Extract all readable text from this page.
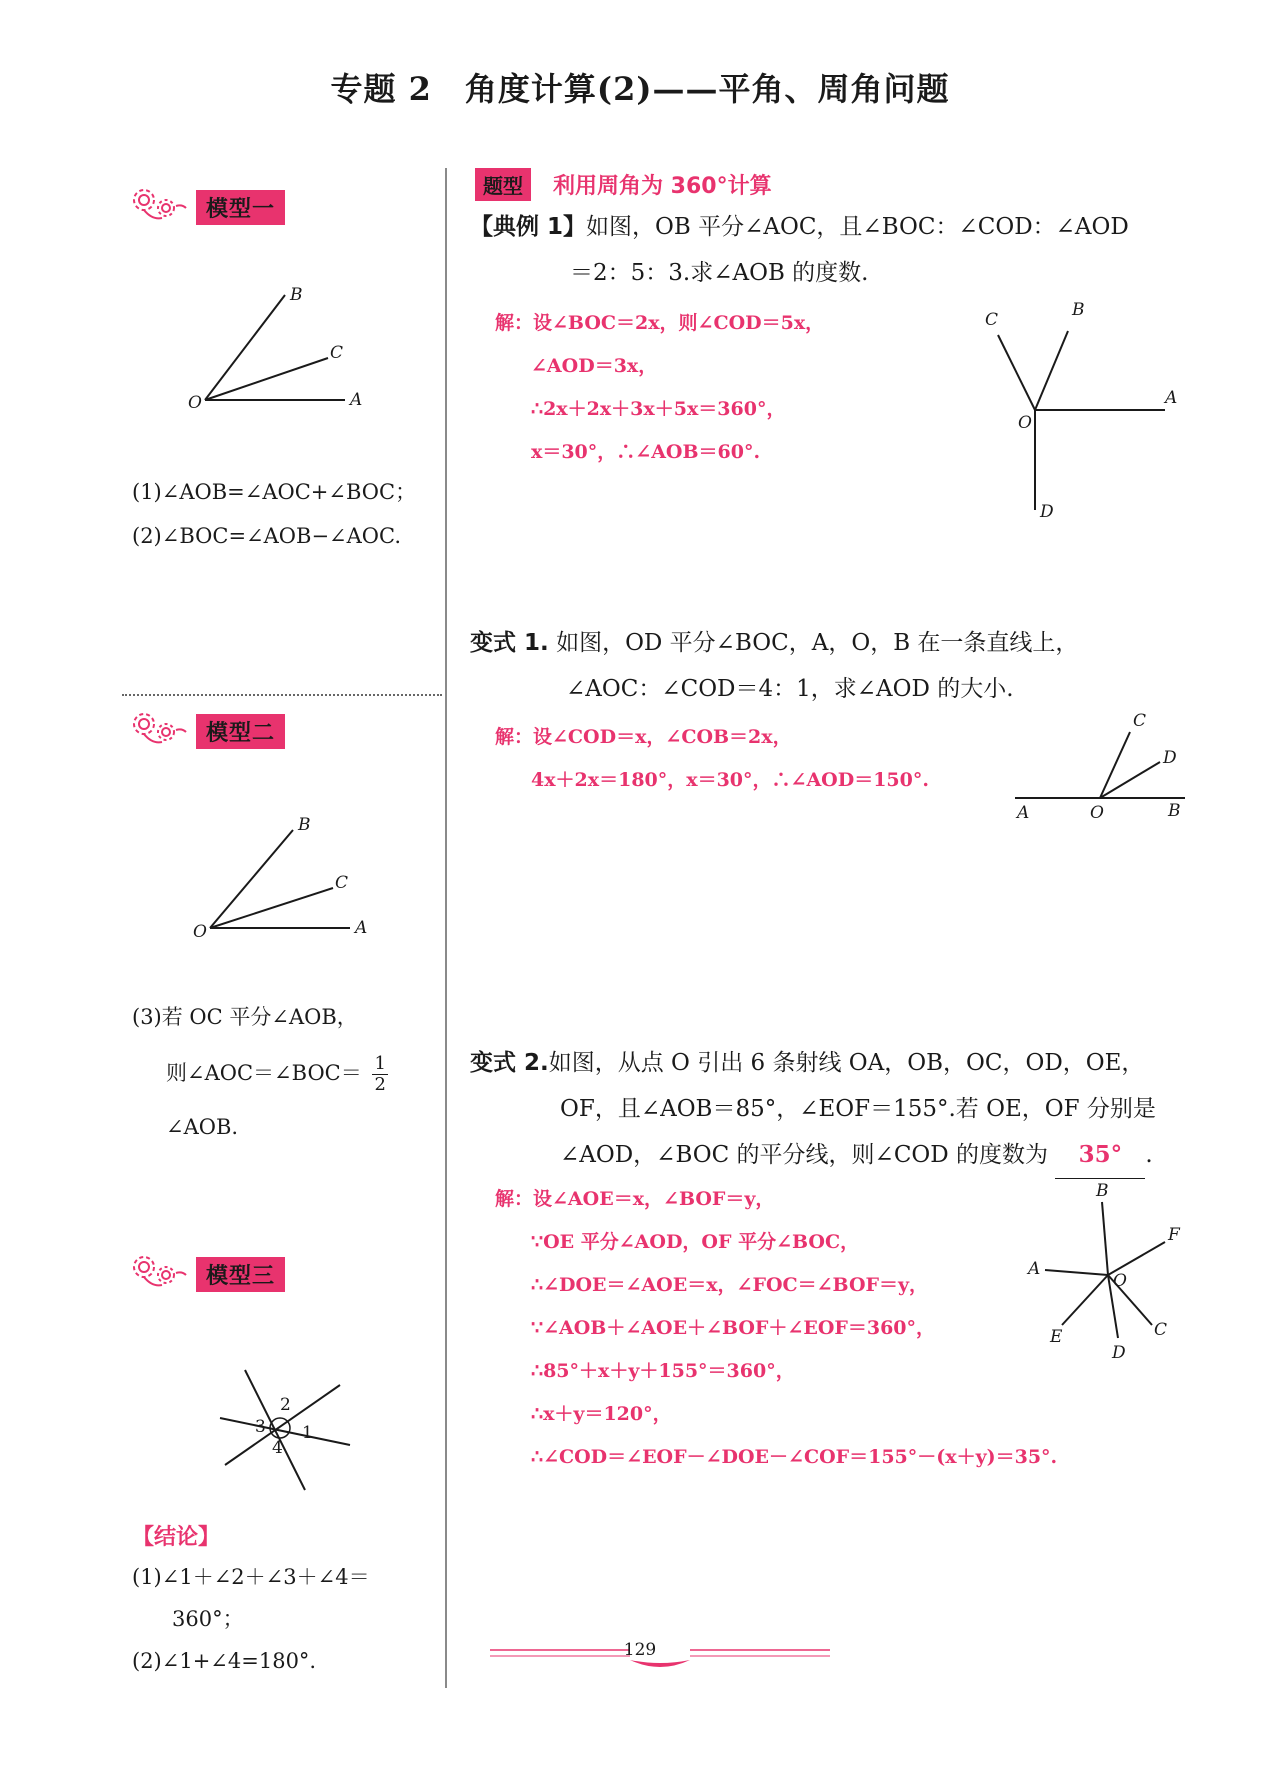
专题 2　角度计算(2)——平角、周角问题
模型一
B
C
O	A
(1)∠AOB=∠AOC+∠BOC；
(2)∠BOC=∠AOB−∠AOC.
模型二
B
C
O	A
(3)若 OC 平分∠AOB，
则∠AOC＝∠BOC＝ $\frac{1}{2}$
∠AOB.
模型三
2
3 1
4
【结论】
(1)∠1＋∠2＋∠3＋∠4＝
360°；
(2)∠1+∠4=180°.
题型	利用周角为 360°计算
【典例 1】如图，OB 平分∠AOC，且∠BOC：∠COD：∠AOD
＝2：5：3.求∠AOB 的度数.
解：设∠BOC＝2x，则∠COD＝5x，
∠AOD＝3x，
∴2x＋2x＋3x＋5x＝360°，
x＝30°，∴∠AOB＝60°.
C	B
A
O
D
变式 1. 如图，OD 平分∠BOC，A，O，B 在一条直线上，
∠AOC：∠COD＝4：1，求∠AOD 的大小.
解：设∠COD＝x，∠COB＝2x，
4x＋2x＝180°，x＝30°，∴∠AOD＝150°.
C
D
A	O	B
变式 2.如图，从点 O 引出 6 条射线 OA，OB，OC，OD，OE，
OF，且∠AOB＝85°，∠EOF＝155°.若 OE，OF 分别是
∠AOD，∠BOC 的平分线，则∠COD 的度数为 35° .
解：设∠AOE＝x，∠BOF＝y，
∵OE 平分∠AOD，OF 平分∠BOC，
∴∠DOE＝∠AOE＝x，∠FOC＝∠BOF＝y，
∵∠AOB＋∠AOE＋∠BOF＋∠EOF＝360°，
∴85°＋x＋y＋155°＝360°，
∴x＋y＝120°，
∴∠COD＝∠EOF－∠DOE－∠COF＝155°－(x＋y)＝35°.
B
F
A
O
E	C
D
129
